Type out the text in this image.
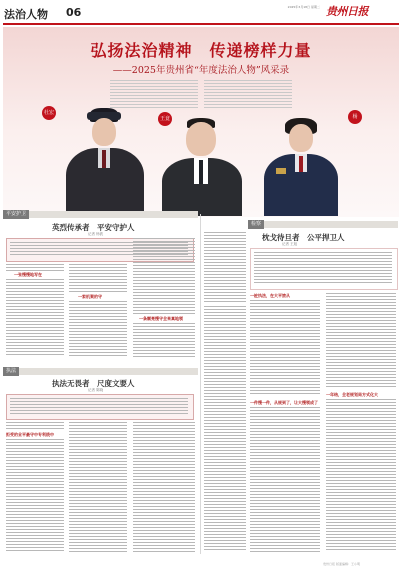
法治人物 06	2025年3月18日 星期二 贵州日报
弘扬法治精神　传递榜样力量
——2025年贵州省“年度法治人物”风采录
杜宏
王竟	杨
平安护卫
英烈传承者　平安守护人
记者 杨波
一张慢慢地写在
一家机案的守
一条颗亮慢守全来真地领
检察
枕戈待旦者　公平捍卫人
记者 王旭
一桩执法，在大平旅从
一件慢一件，从规到了，让大慢领成了
一年结，全老规划局方式化大
执法
执法无畏者　尺度文要人
记者 陈晓
拒受的业平最守中专利统中
贵州日报 版面编辑：王小明
